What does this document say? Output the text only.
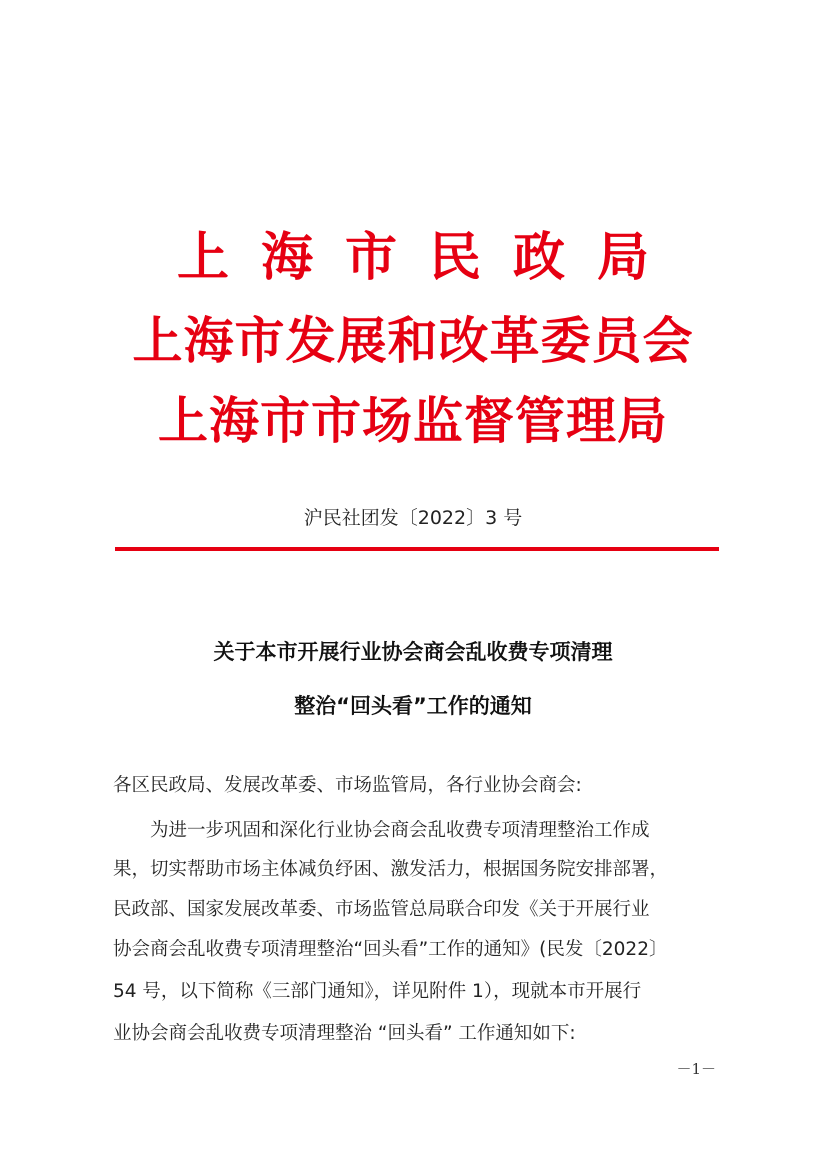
上海市民政局
上海市发展和改革委员会
上海市市场监督管理局
沪民社团发〔2022〕3 号
关于本市开展行业协会商会乱收费专项清理
整治“回头看”工作的通知
各区民政局、发展改革委、市场监管局，各行业协会商会:
为进一步巩固和深化行业协会商会乱收费专项清理整治工作成
果，切实帮助市场主体减负纾困、激发活力，根据国务院安排部署，
民政部、国家发展改革委、市场监管总局联合印发《关于开展行业
协会商会乱收费专项清理整治“回头看”工作的通知》(民发〔2022〕
54 号，以下简称《三部门通知》，详见附件 1），现就本市开展行
业协会商会乱收费专项清理整治 “回头看” 工作通知如下:
－1－
